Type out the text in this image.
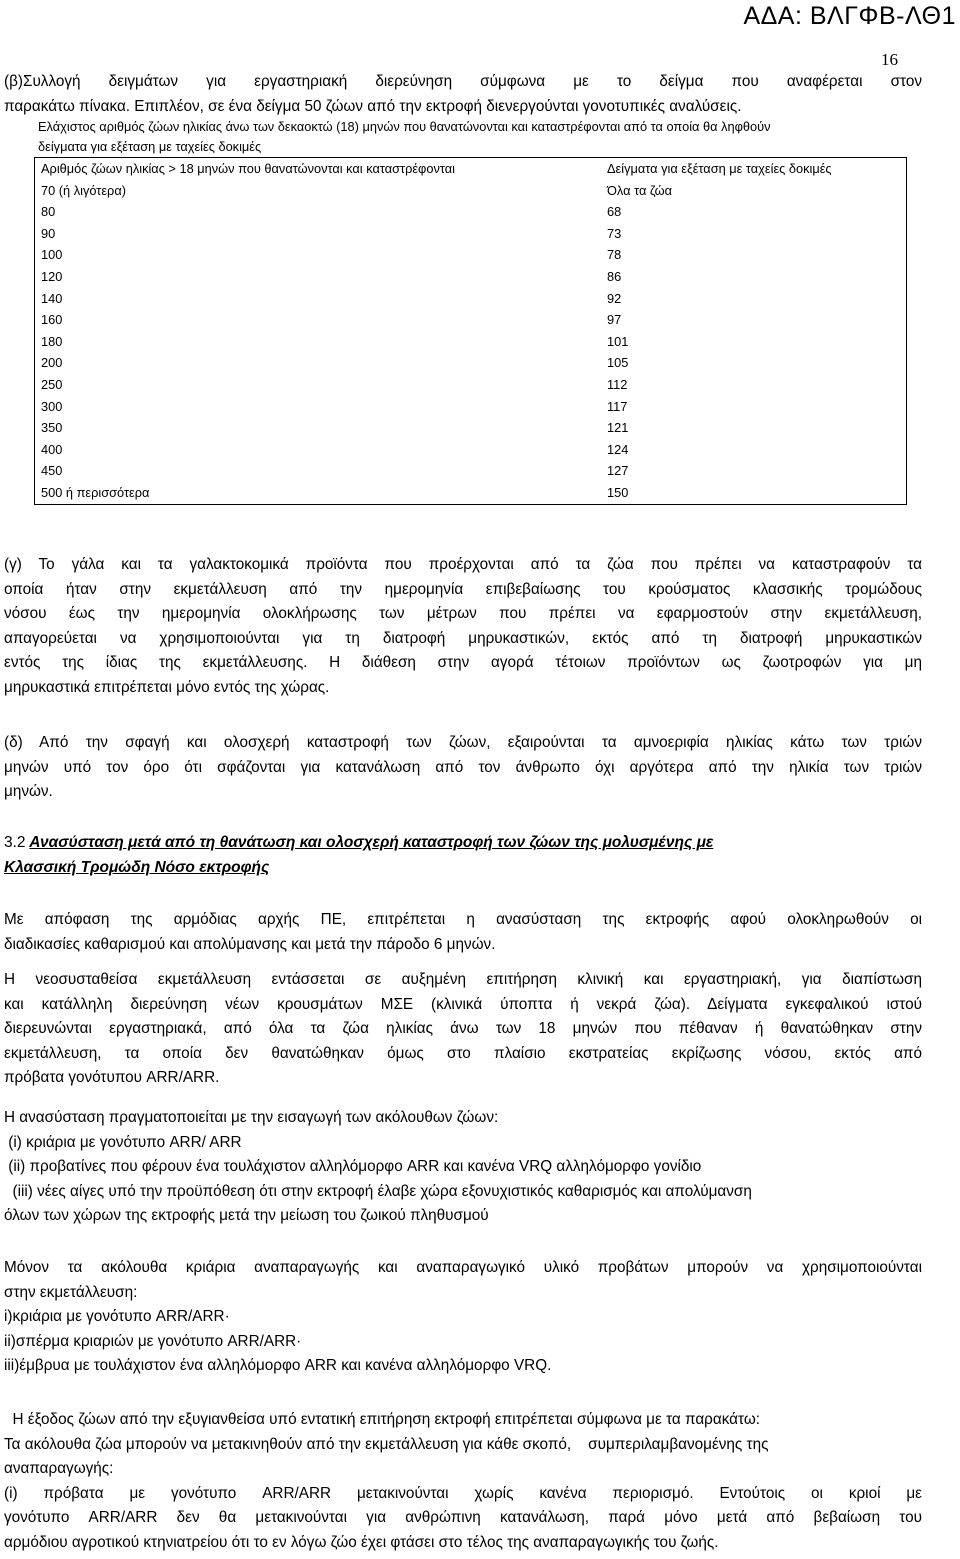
ΑΔΑ: ΒΛΓΦΒ-ΛΘ1
16
(β)Συλλογή δειγμάτων για εργαστηριακή διερεύνηση σύμφωνα με το δείγμα που αναφέρεται στον
παρακάτω πίνακα. Επιπλέον, σε ένα δείγμα 50 ζώων από την εκτροφή διενεργούνται γονοτυπικές αναλύσεις.
Ελάχιστος αριθμός ζώων ηλικίας άνω των δεκαοκτώ (18) μηνών που θανατώνονται και καταστρέφονται από τα οποία θα ληφθούν
δείγματα για εξέταση με ταχείες δοκιμές
Αριθμός ζώων ηλικίας > 18 μηνών που θανατώνονται και καταστρέφονται	Δείγματα για εξέταση με ταχείες δοκιμές
70 (ή λιγότερα)	Όλα τα ζώα
80	68
90	73
100	78
120	86
140	92
160	97
180	101
200	105
250	112
300	117
350	121
400	124
450	127
500 ή περισσότερα	150
(γ) Το γάλα και τα γαλακτοκομικά προϊόντα που προέρχονται από τα ζώα που πρέπει να καταστραφούν τα
οποία ήταν στην εκμετάλλευση από την ημερομηνία επιβεβαίωσης του κρούσματος κλασσικής τρομώδους
νόσου έως την ημερομηνία ολοκλήρωσης των μέτρων που πρέπει να εφαρμοστούν στην εκμετάλλευση,
απαγορεύεται να χρησιμοποιούνται για τη διατροφή μηρυκαστικών, εκτός από τη διατροφή μηρυκαστικών
εντός της ίδιας της εκμετάλλευσης. Η διάθεση στην αγορά τέτοιων προϊόντων ως ζωοτροφών για μη
μηρυκαστικά επιτρέπεται μόνο εντός της χώρας.
(δ) Από την σφαγή και ολοσχερή καταστροφή των ζώων, εξαιρούνται τα αμνοεριφία ηλικίας κάτω των τριών
μηνών υπό τον όρο ότι σφάζονται για κατανάλωση από τον άνθρωπο όχι αργότερα από την ηλικία των τριών
μηνών.
3.2 Ανασύσταση μετά από τη θανάτωση και ολοσχερή καταστροφή των ζώων της μολυσμένης με
Κλασσική Τρομώδη Νόσο εκτροφής
Με απόφαση της αρμόδιας αρχής ΠΕ, επιτρέπεται η ανασύσταση της εκτροφής αφού ολοκληρωθούν οι
διαδικασίες καθαρισμού και απολύμανσης και μετά την πάροδο 6 μηνών.
Η νεοσυσταθείσα εκμετάλλευση εντάσσεται σε αυξημένη επιτήρηση κλινική και εργαστηριακή, για διαπίστωση
και κατάλληλη διερεύνηση νέων κρουσμάτων ΜΣΕ (κλινικά ύποπτα ή νεκρά ζώα). Δείγματα εγκεφαλικού ιστού
διερευνώνται εργαστηριακά, από όλα τα ζώα ηλικίας άνω των 18 μηνών που πέθαναν ή θανατώθηκαν στην
εκμετάλλευση, τα οποία δεν θανατώθηκαν όμως στο πλαίσιο εκστρατείας εκρίζωσης νόσου, εκτός από
πρόβατα γονότυπου ARR/ARR.
Η ανασύσταση πραγματοποιείται με την εισαγωγή των ακόλουθων ζώων:
(i) κριάρια με γονότυπο ARR/ ARR
(ii) προβατίνες που φέρουν ένα τουλάχιστον αλληλόμορφο ARR και κανένα VRQ αλληλόμορφο γονίδιο
(iii) νέες αίγες υπό την προϋπόθεση ότι στην εκτροφή έλαβε χώρα εξονυχιστικός καθαρισμός και απολύμανση
όλων των χώρων της εκτροφής μετά την μείωση του ζωικού πληθυσμού
Μόνον τα ακόλουθα κριάρια αναπαραγωγής και αναπαραγωγικό υλικό προβάτων μπορούν να χρησιμοποιούνται
στην εκμετάλλευση:
i)κριάρια με γονότυπο ARR/ARR·
ii)σπέρμα κριαριών με γονότυπο ARR/ARR·
iii)έμβρυα με τουλάχιστον ένα αλληλόμορφο ARR και κανένα αλληλόμορφο VRQ.
Η έξοδος ζώων από την εξυγιανθείσα υπό εντατική επιτήρηση εκτροφή επιτρέπεται σύμφωνα με τα παρακάτω:
Τα ακόλουθα ζώα μπορούν να μετακινηθούν από την εκμετάλλευση για κάθε σκοπό,    συμπεριλαμβανομένης της
αναπαραγωγής:
(i) πρόβατα με γονότυπο ARR/ARR μετακινούνται χωρίς κανένα περιορισμό. Εντούτοις οι κριοί με
γονότυπο ARR/ARR δεν θα μετακινούνται για ανθρώπινη κατανάλωση, παρά μόνο μετά από βεβαίωση του
αρμόδιου αγροτικού κτηνιατρείου ότι το εν λόγω ζώο έχει φτάσει στο τέλος της αναπαραγωγικής του ζωής.
